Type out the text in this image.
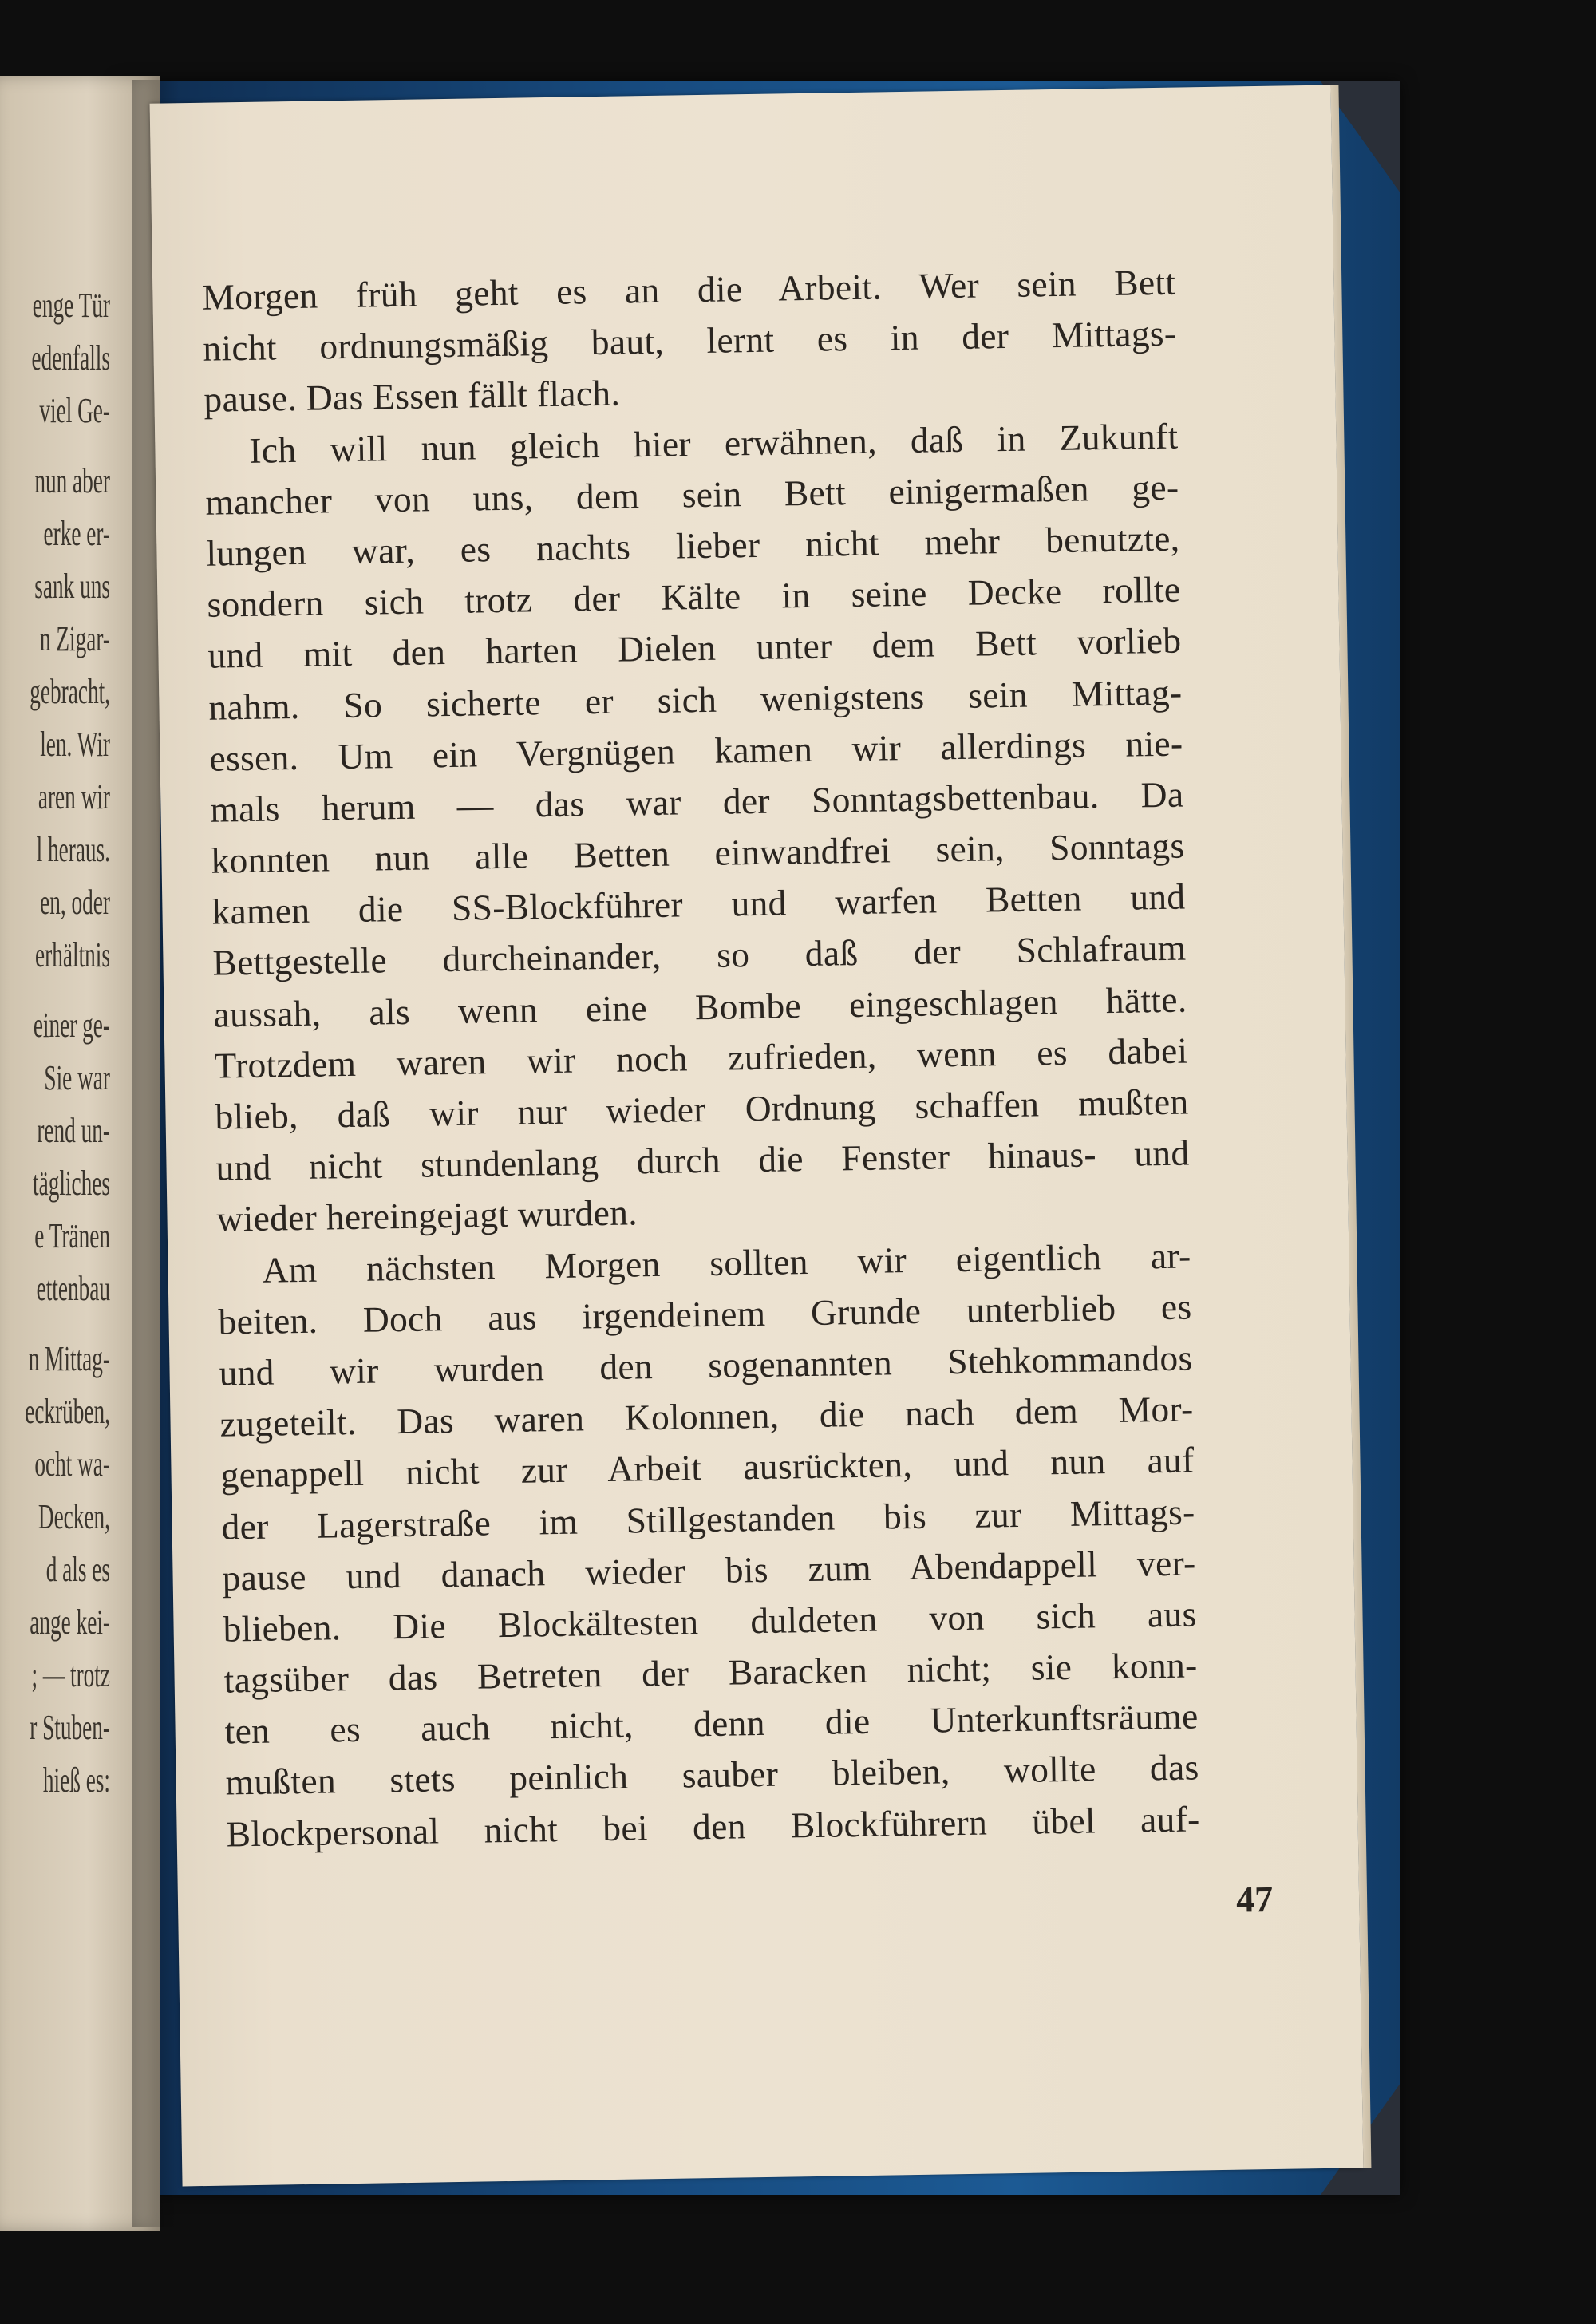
enge Tür
edenfalls
viel Ge-
nun aber
erke er-
sank uns
n Zigar-
gebracht,
len. Wir
aren wir
l heraus.
en, oder
erhältnis
einer ge-
Sie war
rend un-
tägliches
e Tränen
ettenbau
n Mittag-
eckrüben,
ocht wa-
Decken,
d als es
ange kei-
; — trotz
r Stuben-
hieß es:
Morgen früh geht es an die Arbeit. Wer sein Bett
nicht ordnungsmäßig baut, lernt es in der Mittags-
pause. Das Essen fällt flach.
Ich will nun gleich hier erwähnen, daß in Zukunft
mancher von uns, dem sein Bett einigermaßen ge-
lungen war, es nachts lieber nicht mehr benutzte,
sondern sich trotz der Kälte in seine Decke rollte
und mit den harten Dielen unter dem Bett vorlieb
nahm. So sicherte er sich wenigstens sein Mittag-
essen. Um ein Vergnügen kamen wir allerdings nie-
mals herum — das war der Sonntagsbettenbau. Da
konnten nun alle Betten einwandfrei sein, Sonntags
kamen die SS-Blockführer und warfen Betten und
Bettgestelle durcheinander, so daß der Schlafraum
aussah, als wenn eine Bombe eingeschlagen hätte.
Trotzdem waren wir noch zufrieden, wenn es dabei
blieb, daß wir nur wieder Ordnung schaffen mußten
und nicht stundenlang durch die Fenster hinaus- und
wieder hereingejagt wurden.
Am nächsten Morgen sollten wir eigentlich ar-
beiten. Doch aus irgendeinem Grunde unterblieb es
und wir wurden den sogenannten Stehkommandos
zugeteilt. Das waren Kolonnen, die nach dem Mor-
genappell nicht zur Arbeit ausrückten, und nun auf
der Lagerstraße im Stillgestanden bis zur Mittags-
pause und danach wieder bis zum Abendappell ver-
blieben. Die Blockältesten duldeten von sich aus
tagsüber das Betreten der Baracken nicht; sie konn-
ten es auch nicht, denn die Unterkunftsräume
mußten stets peinlich sauber bleiben, wollte das
Blockpersonal nicht bei den Blockführern übel auf-
47
